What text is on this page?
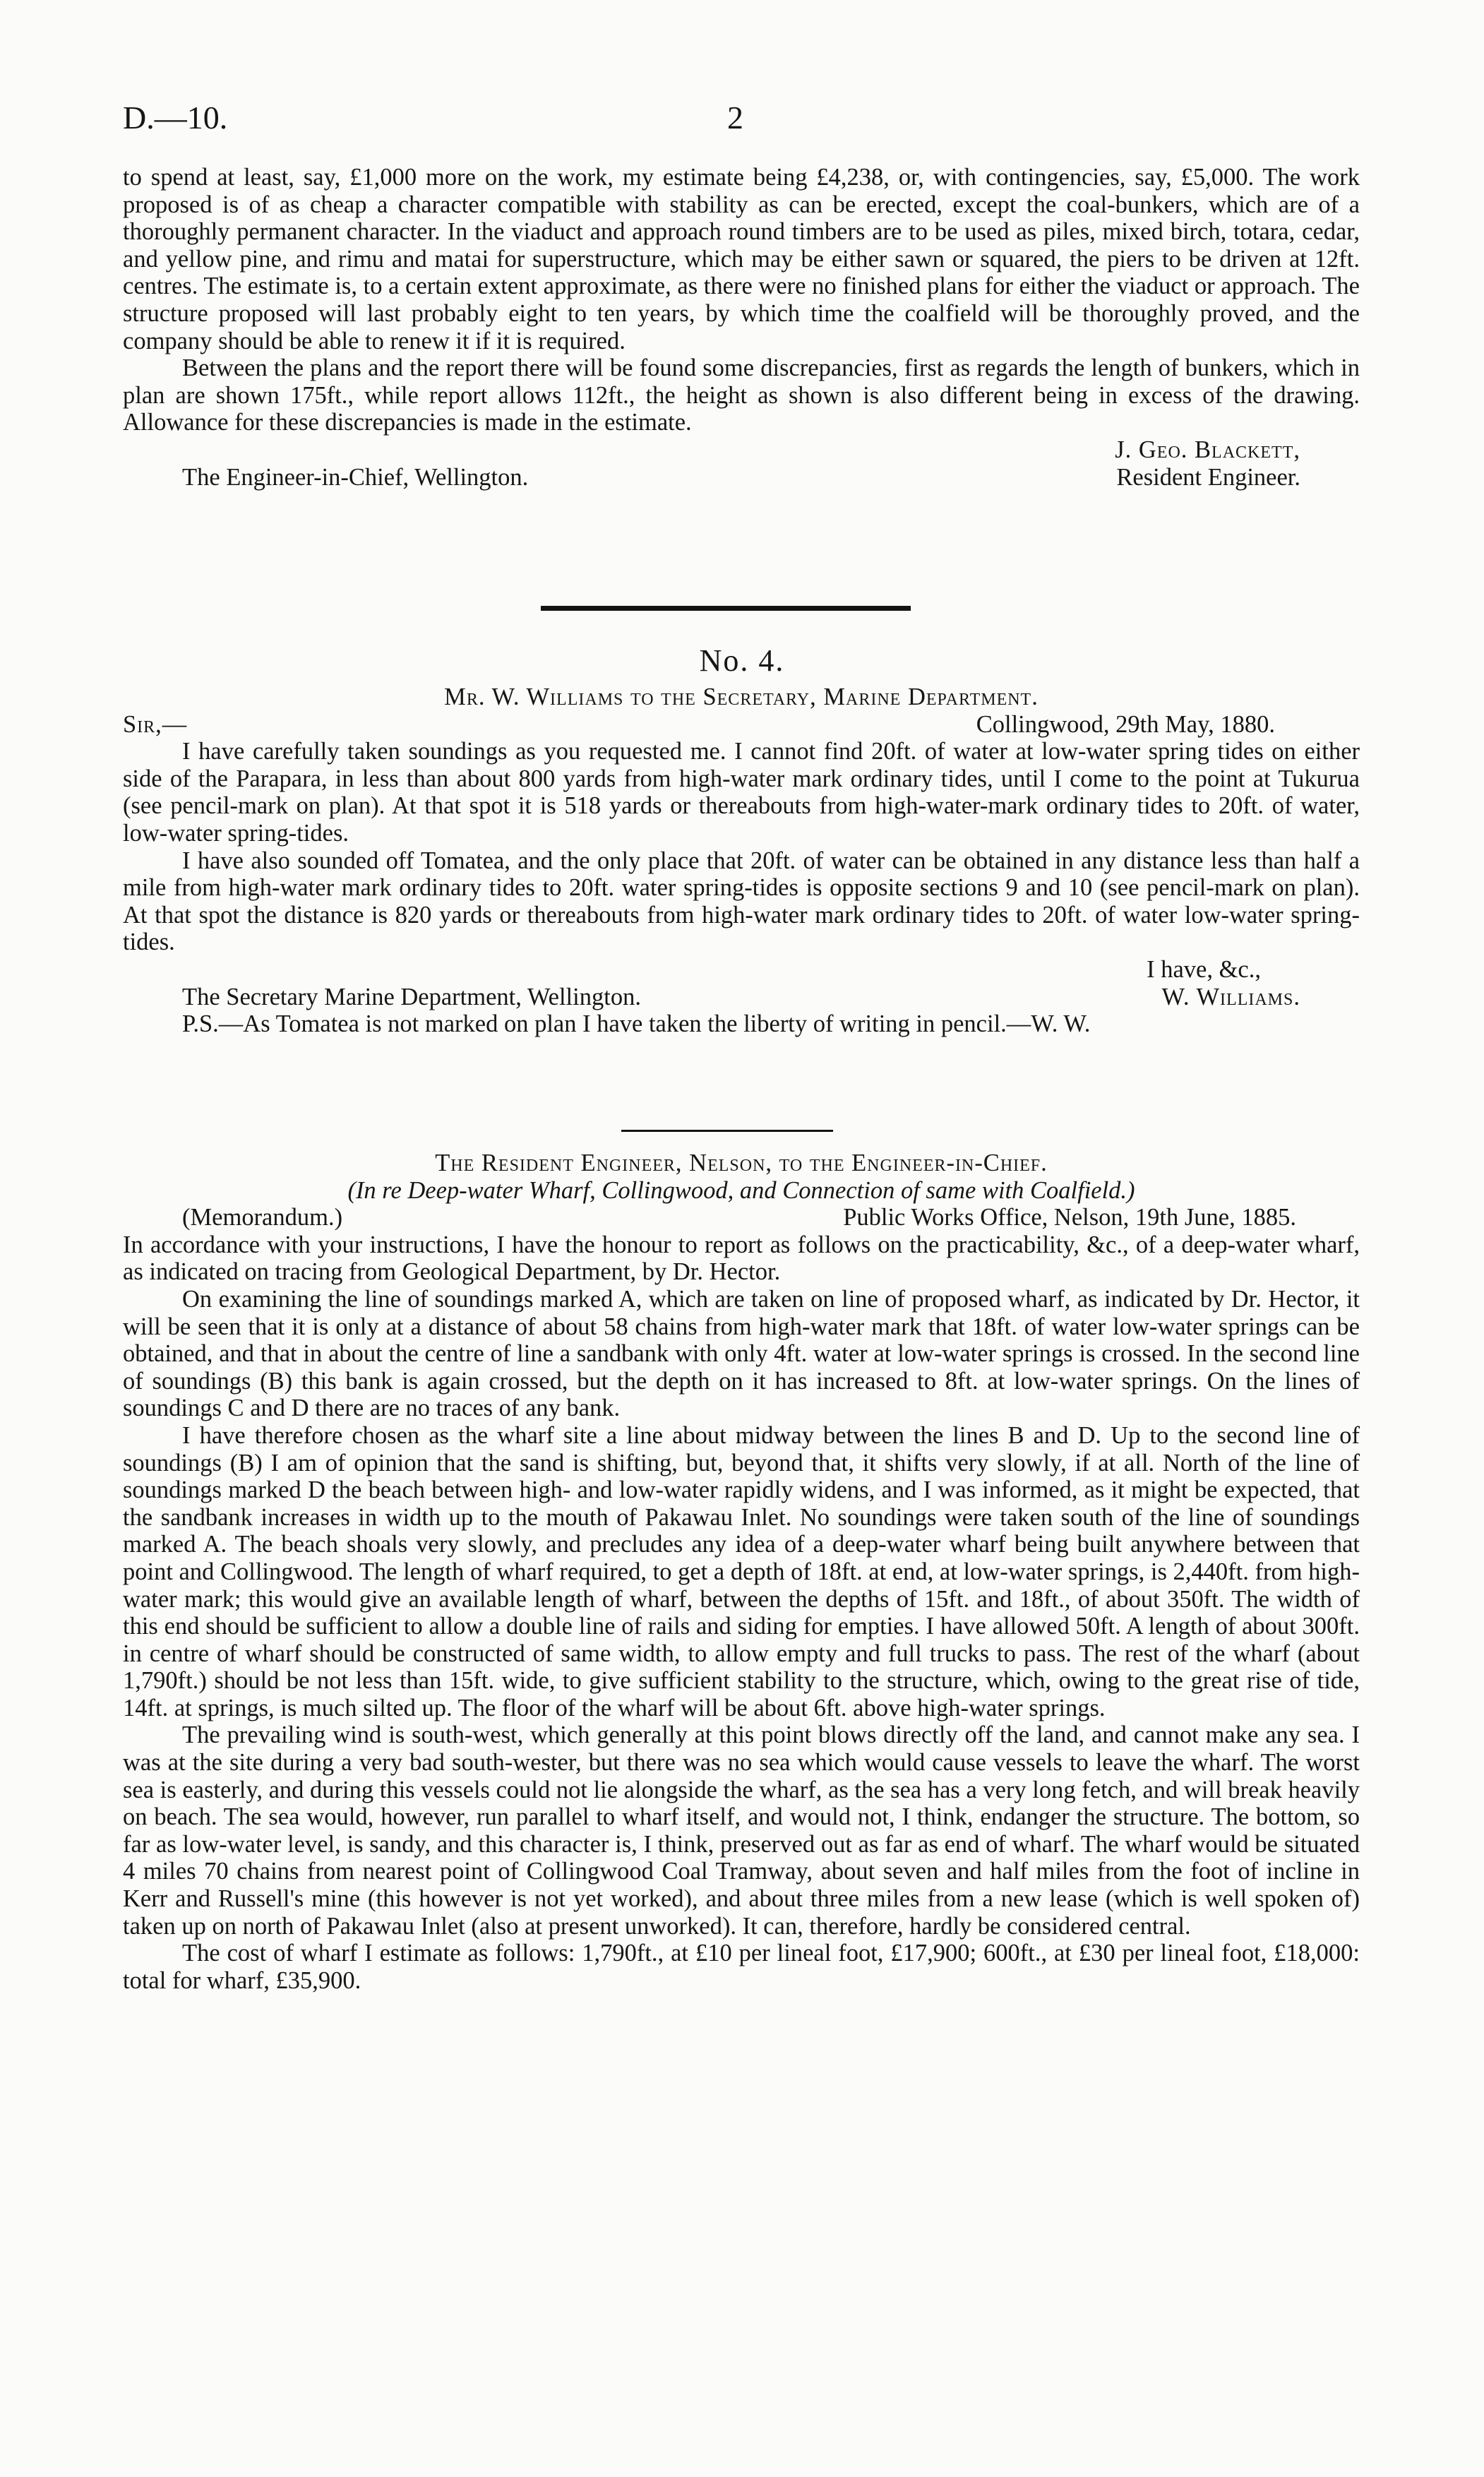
D.—10.	2

to spend at least, say, £1,000 more on the work, my estimate being £4,238, or, with contingencies, say, £5,000. The work proposed is of as cheap a character compatible with stability as can be erected, except the coal-bunkers, which are of a thoroughly permanent character. In the viaduct and approach round timbers are to be used as piles, mixed birch, totara, cedar, and yellow pine, and rimu and matai for superstructure, which may be either sawn or squared, the piers to be driven at 12ft. centres. The estimate is, to a certain extent approximate, as there were no finished plans for either the viaduct or approach. The structure proposed will last probably eight to ten years, by which time the coalfield will be thoroughly proved, and the company should be able to renew it if it is required.

Between the plans and the report there will be found some discrepancies, first as regards the length of bunkers, which in plan are shown 175ft., while report allows 112ft., the height as shown is also different being in excess of the drawing. Allowance for these discrepancies is made in the estimate.

J. Geo. Blackett,
The Engineer-in-Chief, Wellington.	Resident Engineer.
No. 4.
Mr. W. Williams to the Secretary, Marine Department.
Sir,—	Collingwood, 29th May, 1880.

I have carefully taken soundings as you requested me. I cannot find 20ft. of water at low-water spring tides on either side of the Parapara, in less than about 800 yards from high-water mark ordinary tides, until I come to the point at Tukurua (see pencil-mark on plan). At that spot it is 518 yards or thereabouts from high-water-mark ordinary tides to 20ft. of water, low-water spring-tides.

I have also sounded off Tomatea, and the only place that 20ft. of water can be obtained in any distance less than half a mile from high-water mark ordinary tides to 20ft. water spring-tides is opposite sections 9 and 10 (see pencil-mark on plan). At that spot the distance is 820 yards or thereabouts from high-water mark ordinary tides to 20ft. of water low-water spring-tides.

I have, &c.,
The Secretary Marine Department, Wellington.	W. Williams.

P.S.—As Tomatea is not marked on plan I have taken the liberty of writing in pencil.—W. W.

The Resident Engineer, Nelson, to the Engineer-in-Chief.
(In re Deep-water Wharf, Collingwood, and Connection of same with Coalfield.)
(Memorandum.)	Public Works Office, Nelson, 19th June, 1885.

In accordance with your instructions, I have the honour to report as follows on the practicability, &c., of a deep-water wharf, as indicated on tracing from Geological Department, by Dr. Hector.

On examining the line of soundings marked A, which are taken on line of proposed wharf, as indicated by Dr. Hector, it will be seen that it is only at a distance of about 58 chains from high-water mark that 18ft. of water low-water springs can be obtained, and that in about the centre of line a sandbank with only 4ft. water at low-water springs is crossed. In the second line of soundings (B) this bank is again crossed, but the depth on it has increased to 8ft. at low-water springs. On the lines of soundings C and D there are no traces of any bank.

I have therefore chosen as the wharf site a line about midway between the lines B and D. Up to the second line of soundings (B) I am of opinion that the sand is shifting, but, beyond that, it shifts very slowly, if at all. North of the line of soundings marked D the beach between high- and low-water rapidly widens, and I was informed, as it might be expected, that the sandbank increases in width up to the mouth of Pakawau Inlet. No soundings were taken south of the line of soundings marked A. The beach shoals very slowly, and precludes any idea of a deep-water wharf being built anywhere between that point and Collingwood. The length of wharf required, to get a depth of 18ft. at end, at low-water springs, is 2,440ft. from high-water mark; this would give an available length of wharf, between the depths of 15ft. and 18ft., of about 350ft. The width of this end should be sufficient to allow a double line of rails and siding for empties. I have allowed 50ft. A length of about 300ft. in centre of wharf should be constructed of same width, to allow empty and full trucks to pass. The rest of the wharf (about 1,790ft.) should be not less than 15ft. wide, to give sufficient stability to the structure, which, owing to the great rise of tide, 14ft. at springs, is much silted up. The floor of the wharf will be about 6ft. above high-water springs.

The prevailing wind is south-west, which generally at this point blows directly off the land, and cannot make any sea. I was at the site during a very bad south-wester, but there was no sea which would cause vessels to leave the wharf. The worst sea is easterly, and during this vessels could not lie alongside the wharf, as the sea has a very long fetch, and will break heavily on beach. The sea would, however, run parallel to wharf itself, and would not, I think, endanger the structure. The bottom, so far as low-water level, is sandy, and this character is, I think, preserved out as far as end of wharf. The wharf would be situated 4 miles 70 chains from nearest point of Collingwood Coal Tramway, about seven and half miles from the foot of incline in Kerr and Russell's mine (this however is not yet worked), and about three miles from a new lease (which is well spoken of) taken up on north of Pakawau Inlet (also at present unworked). It can, therefore, hardly be considered central.

The cost of wharf I estimate as follows: 1,790ft., at £10 per lineal foot, £17,900; 600ft., at £30 per lineal foot, £18,000: total for wharf, £35,900.
